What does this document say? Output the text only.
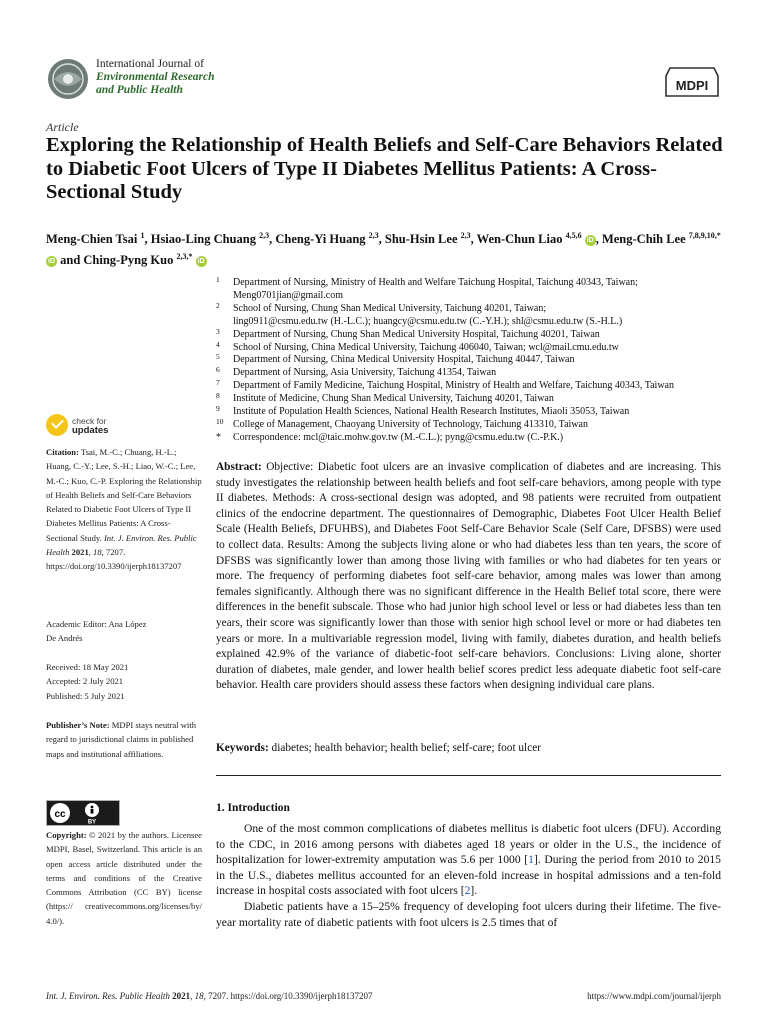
International Journal of
Environmental Research
and Public Health	MDPI
Article
Exploring the Relationship of Health Beliefs and Self-Care Behaviors Related to Diabetic Foot Ulcers of Type II Diabetes Mellitus Patients: A Cross-Sectional Study
Meng-Chien Tsai $^1$, Hsiao-Ling Chuang $^{2,3}$, Cheng-Yi Huang $^{2,3}$, Shu-Hsin Lee $^{2,3}$, Wen-Chun Liao $^{4,5,6}$ iD , Meng-Chih Lee $^{7,8,9,10,*}$ iD and Ching-Pyng Kuo $^{2,3,*}$ iD
1 Department of Nursing, Ministry of Health and Welfare Taichung Hospital, Taichung 40343, Taiwan;
Meng0701jian@gmail.com
2 School of Nursing, Chung Shan Medical University, Taichung 40201, Taiwan;
ling0911@csmu.edu.tw (H.-L.C.); huangcy@csmu.edu.tw (C.-Y.H.); shl@csmu.edu.tw (S.-H.L.)
3 Department of Nursing, Chung Shan Medical University Hospital, Taichung 40201, Taiwan
4 School of Nursing, China Medical University, Taichung 406040, Taiwan; wcl@mail.cmu.edu.tw
5 Department of Nursing, China Medical University Hospital, Taichung 40447, Taiwan
6 Department of Nursing, Asia University, Taichung 41354, Taiwan
7 Department of Family Medicine, Taichung Hospital, Ministry of Health and Welfare, Taichung 40343, Taiwan
8 Institute of Medicine, Chung Shan Medical University, Taichung 40201, Taiwan
9 Institute of Population Health Sciences, National Health Research Institutes, Miaoli 35053, Taiwan
10 College of Management, Chaoyang University of Technology, Taichung 413310, Taiwan
* Correspondence: mcl@taic.mohw.gov.tw (M.-C.L.); pyng@csmu.edu.tw (C.-P.K.)
check for
updates
Citation: Tsai, M.-C.; Chuang, H.-L.; Huang, C.-Y.; Lee, S.-H.; Liao, W.-C.; Lee, M.-C.; Kuo, C.-P. Exploring the Relationship of Health Beliefs and Self-Care Behaviors Related to Diabetic Foot Ulcers of Type II Diabetes Mellitus Patients: A Cross-Sectional Study. Int. J. Environ. Res. Public Health 2021, 18, 7207. https://doi.org/10.3390/ijerph18137207
Academic Editor: Ana López
De Andrés
Received: 18 May 2021
Accepted: 2 July 2021
Published: 5 July 2021
Publisher’s Note: MDPI stays neutral with regard to jurisdictional claims in published maps and institutional affiliations.
cc
BY
Copyright: © 2021 by the authors. Licensee MDPI, Basel, Switzerland. This article is an open access article distributed under the terms and conditions of the Creative Commons Attribution (CC BY) license (https:// creativecommons.org/licenses/by/ 4.0/).
Abstract: Objective: Diabetic foot ulcers are an invasive complication of diabetes and are increasing. This study investigates the relationship between health beliefs and foot self-care behaviors, among people with type II diabetes. Methods: A cross-sectional design was adopted, and 98 patients were recruited from outpatient clinics of the endocrine department. The questionnaires of Demographic, Diabetes Foot Ulcer Health Belief Scale (Health Beliefs, DFUHBS), and Diabetes Foot Self-Care Behavior Scale (Self Care, DFSBS) were used to collect data. Results: Among the subjects living alone or who had diabetes less than ten years, the score of DFSBS was significantly lower than among those living with families or who had diabetes for ten years or more. The frequency of performing diabetes foot self-care behavior, among males was lower than among females significantly. Although there was no significant difference in the Health Belief total score, there were differences in the benefit subscale. Those who had junior high school level or less or had diabetes less than ten years, their score was significantly lower than those with senior high school level or more or had diabetes ten years or more. In a multivariable regression model, living with family, diabetes duration, and health beliefs explained 42.9% of the variance of diabetic-foot self-care behaviors. Conclusions: Living alone, shorter duration of diabetes, male gender, and lower health belief scores predict less adequate diabetic foot self-care behavior. Health care providers should assess these factors when designing individual care plans.
Keywords: diabetes; health behavior; health belief; self-care; foot ulcer
1. Introduction

One of the most common complications of diabetes mellitus is diabetic foot ulcers (DFU). According to the CDC, in 2016 among persons with diabetes aged 18 years or older in the U.S., the incidence of hospitalization for lower-extremity amputation was 5.6 per 1000 [1]. During the period from 2010 to 2015 in the U.S., diabetes mellitus accounted for an eleven-fold increase in hospital admissions and a ten-fold increase in hospital costs associated with foot ulcers [2].

Diabetic patients have a 15–25% frequency of developing foot ulcers during their lifetime. The five-year mortality rate of diabetic patients with foot ulcers is 2.5 times that of

Int. J. Environ. Res. Public Health 2021, 18, 7207. https://doi.org/10.3390/ijerph18137207	https://www.mdpi.com/journal/ijerph
